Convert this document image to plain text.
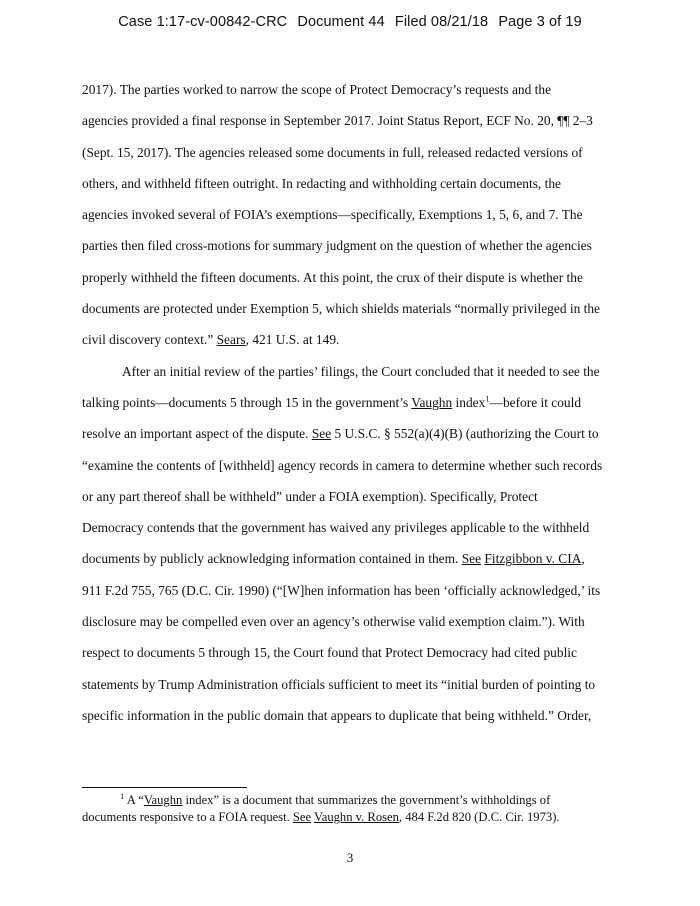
Case 1:17-cv-00842-CRC Document 44 Filed 08/21/18 Page 3 of 19
2017). The parties worked to narrow the scope of Protect Democracy’s requests and the
agencies provided a final response in September 2017. Joint Status Report, ECF No. 20, ¶¶ 2–3
(Sept. 15, 2017). The agencies released some documents in full, released redacted versions of
others, and withheld fifteen outright. In redacting and withholding certain documents, the
agencies invoked several of FOIA’s exemptions—specifically, Exemptions 1, 5, 6, and 7. The
parties then filed cross-motions for summary judgment on the question of whether the agencies
properly withheld the fifteen documents. At this point, the crux of their dispute is whether the
documents are protected under Exemption 5, which shields materials “normally privileged in the
civil discovery context.” Sears, 421 U.S. at 149.
After an initial review of the parties’ filings, the Court concluded that it needed to see the
talking points—documents 5 through 15 in the government’s Vaughn index$^1$—before it could
resolve an important aspect of the dispute. See 5 U.S.C. § 552(a)(4)(B) (authorizing the Court to
“examine the contents of [withheld] agency records in camera to determine whether such records
or any part thereof shall be withheld” under a FOIA exemption). Specifically, Protect
Democracy contends that the government has waived any privileges applicable to the withheld
documents by publicly acknowledging information contained in them. See Fitzgibbon v. CIA,
911 F.2d 755, 765 (D.C. Cir. 1990) (“[W]hen information has been ‘officially acknowledged,’ its
disclosure may be compelled even over an agency’s otherwise valid exemption claim.”). With
respect to documents 5 through 15, the Court found that Protect Democracy had cited public
statements by Trump Administration officials sufficient to meet its “initial burden of pointing to
specific information in the public domain that appears to duplicate that being withheld.” Order,
$^1$ A “Vaughn index” is a document that summarizes the government’s withholdings of
documents responsive to a FOIA request. See Vaughn v. Rosen, 484 F.2d 820 (D.C. Cir. 1973).
3
